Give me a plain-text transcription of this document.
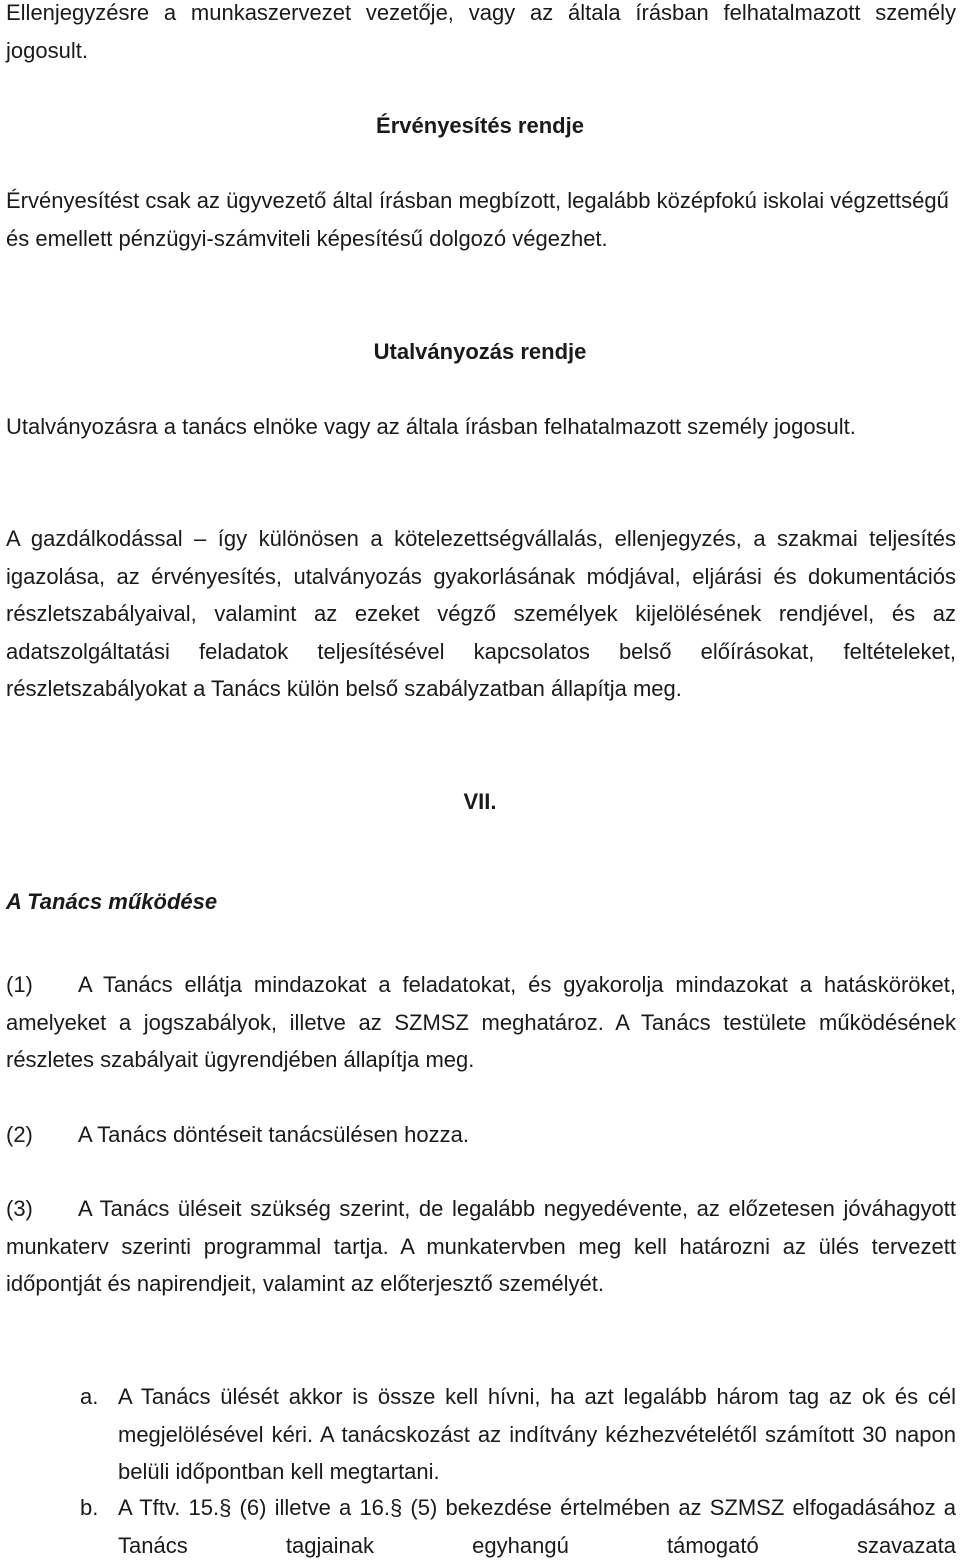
Ellenjegyzésre a munkaszervezet vezetője, vagy az általa írásban felhatalmazott személy jogosult.

Érvényesítés rendje

Érvényesítést csak az ügyvezető által írásban megbízott, legalább középfokú iskolai végzettségű és emellett pénzügyi-számviteli képesítésű dolgozó végezhet.

Utalványozás rendje

Utalványozásra a tanács elnöke vagy az általa írásban felhatalmazott személy jogosult.

A gazdálkodással – így különösen a kötelezettségvállalás, ellenjegyzés, a szakmai teljesítés igazolása, az érvényesítés, utalványozás gyakorlásának módjával, eljárási és dokumentációs részletszabályaival, valamint az ezeket végző személyek kijelölésének rendjével, és az adatszolgáltatási feladatok teljesítésével kapcsolatos belső előírásokat, feltételeket, részletszabályokat a Tanács külön belső szabályzatban állapítja meg.

VII.

A Tanács működése

(1) A Tanács ellátja mindazokat a feladatokat, és gyakorolja mindazokat a hatásköröket, amelyeket a jogszabályok, illetve az SZMSZ meghatároz. A Tanács testülete működésének részletes szabályait ügyrendjében állapítja meg.

(2) A Tanács döntéseit tanácsülésen hozza.

(3) A Tanács üléseit szükség szerint, de legalább negyedévente, az előzetesen jóváhagyott munkaterv szerinti programmal tartja. A munkatervben meg kell határozni az ülés tervezett időpontját és napirendjeit, valamint az előterjesztő személyét.

a. A Tanács ülését akkor is össze kell hívni, ha azt legalább három tag az ok és cél megjelölésével kéri. A tanácskozást az indítvány kézhezvételétől számított 30 napon belüli időpontban kell megtartani.
b. A Tftv. 15.§ (6) illetve a 16.§ (5) bekezdése értelmében az SZMSZ elfogadásához a Tanács tagjainak egyhangú támogató szavazata
